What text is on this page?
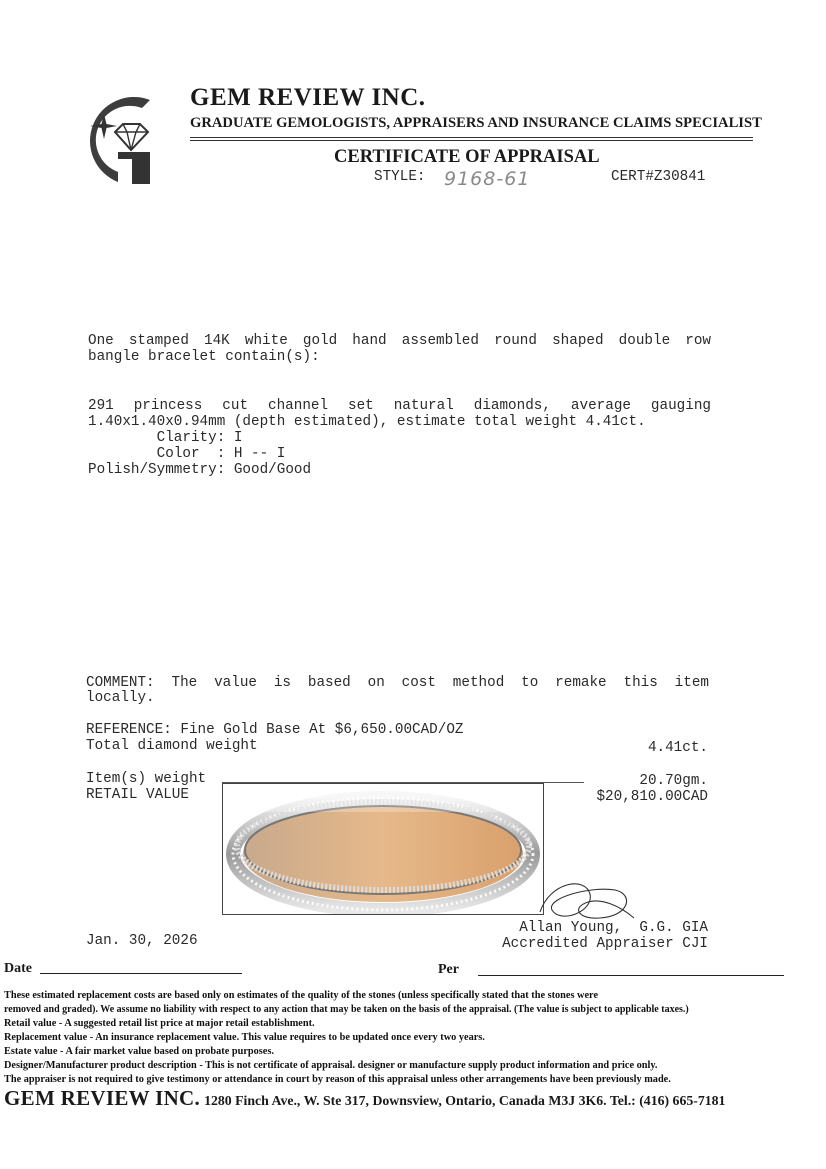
GEM REVIEW INC.
GRADUATE GEMOLOGISTS, APPRAISERS AND INSURANCE CLAIMS SPECIALIST
CERTIFICATE OF APPRAISAL
STYLE: 9168-61	CERT#Z30841
One stamped 14K white gold hand assembled round shaped double row
bangle bracelet contain(s):
291 princess cut channel set natural diamonds, average gauging
1.40x1.40x0.94mm (depth estimated), estimate total weight 4.41ct.
Clarity: I
Color  : H -- I
Polish/Symmetry: Good/Good
COMMENT: The value is based on cost method to remake this item
locally.
REFERENCE: Fine Gold Base At $6,650.00CAD/OZ
Total diamond weight	4.41ct.
Item(s) weight	20.70gm.
RETAIL VALUE	$20,810.00CAD
Allan Young,  G.G. GIA
Accredited Appraiser CJI
Jan. 30, 2026
Date	Per
These estimated replacement costs are based only on estimates of the quality of the stones (unless specifically stated that the stones were
removed and graded). We assume no liability with respect to any action that may be taken on the basis of the appraisal. (The value is subject to applicable taxes.)
Retail value - A suggested retail list price at major retail establishment.
Replacement value - An insurance replacement value. This value requires to be updated once every two years.
Estate value - A fair market value based on probate purposes.
Designer/Manufacturer product description - This is not certificate of appraisal. designer or manufacture supply product information and price only.
The appraiser is not required to give testimony or attendance in court by reason of this appraisal unless other arrangements have been previously made.
GEM REVIEW INC. 1280 Finch Ave., W. Ste 317, Downsview, Ontario, Canada M3J 3K6. Tel.: (416) 665-7181
